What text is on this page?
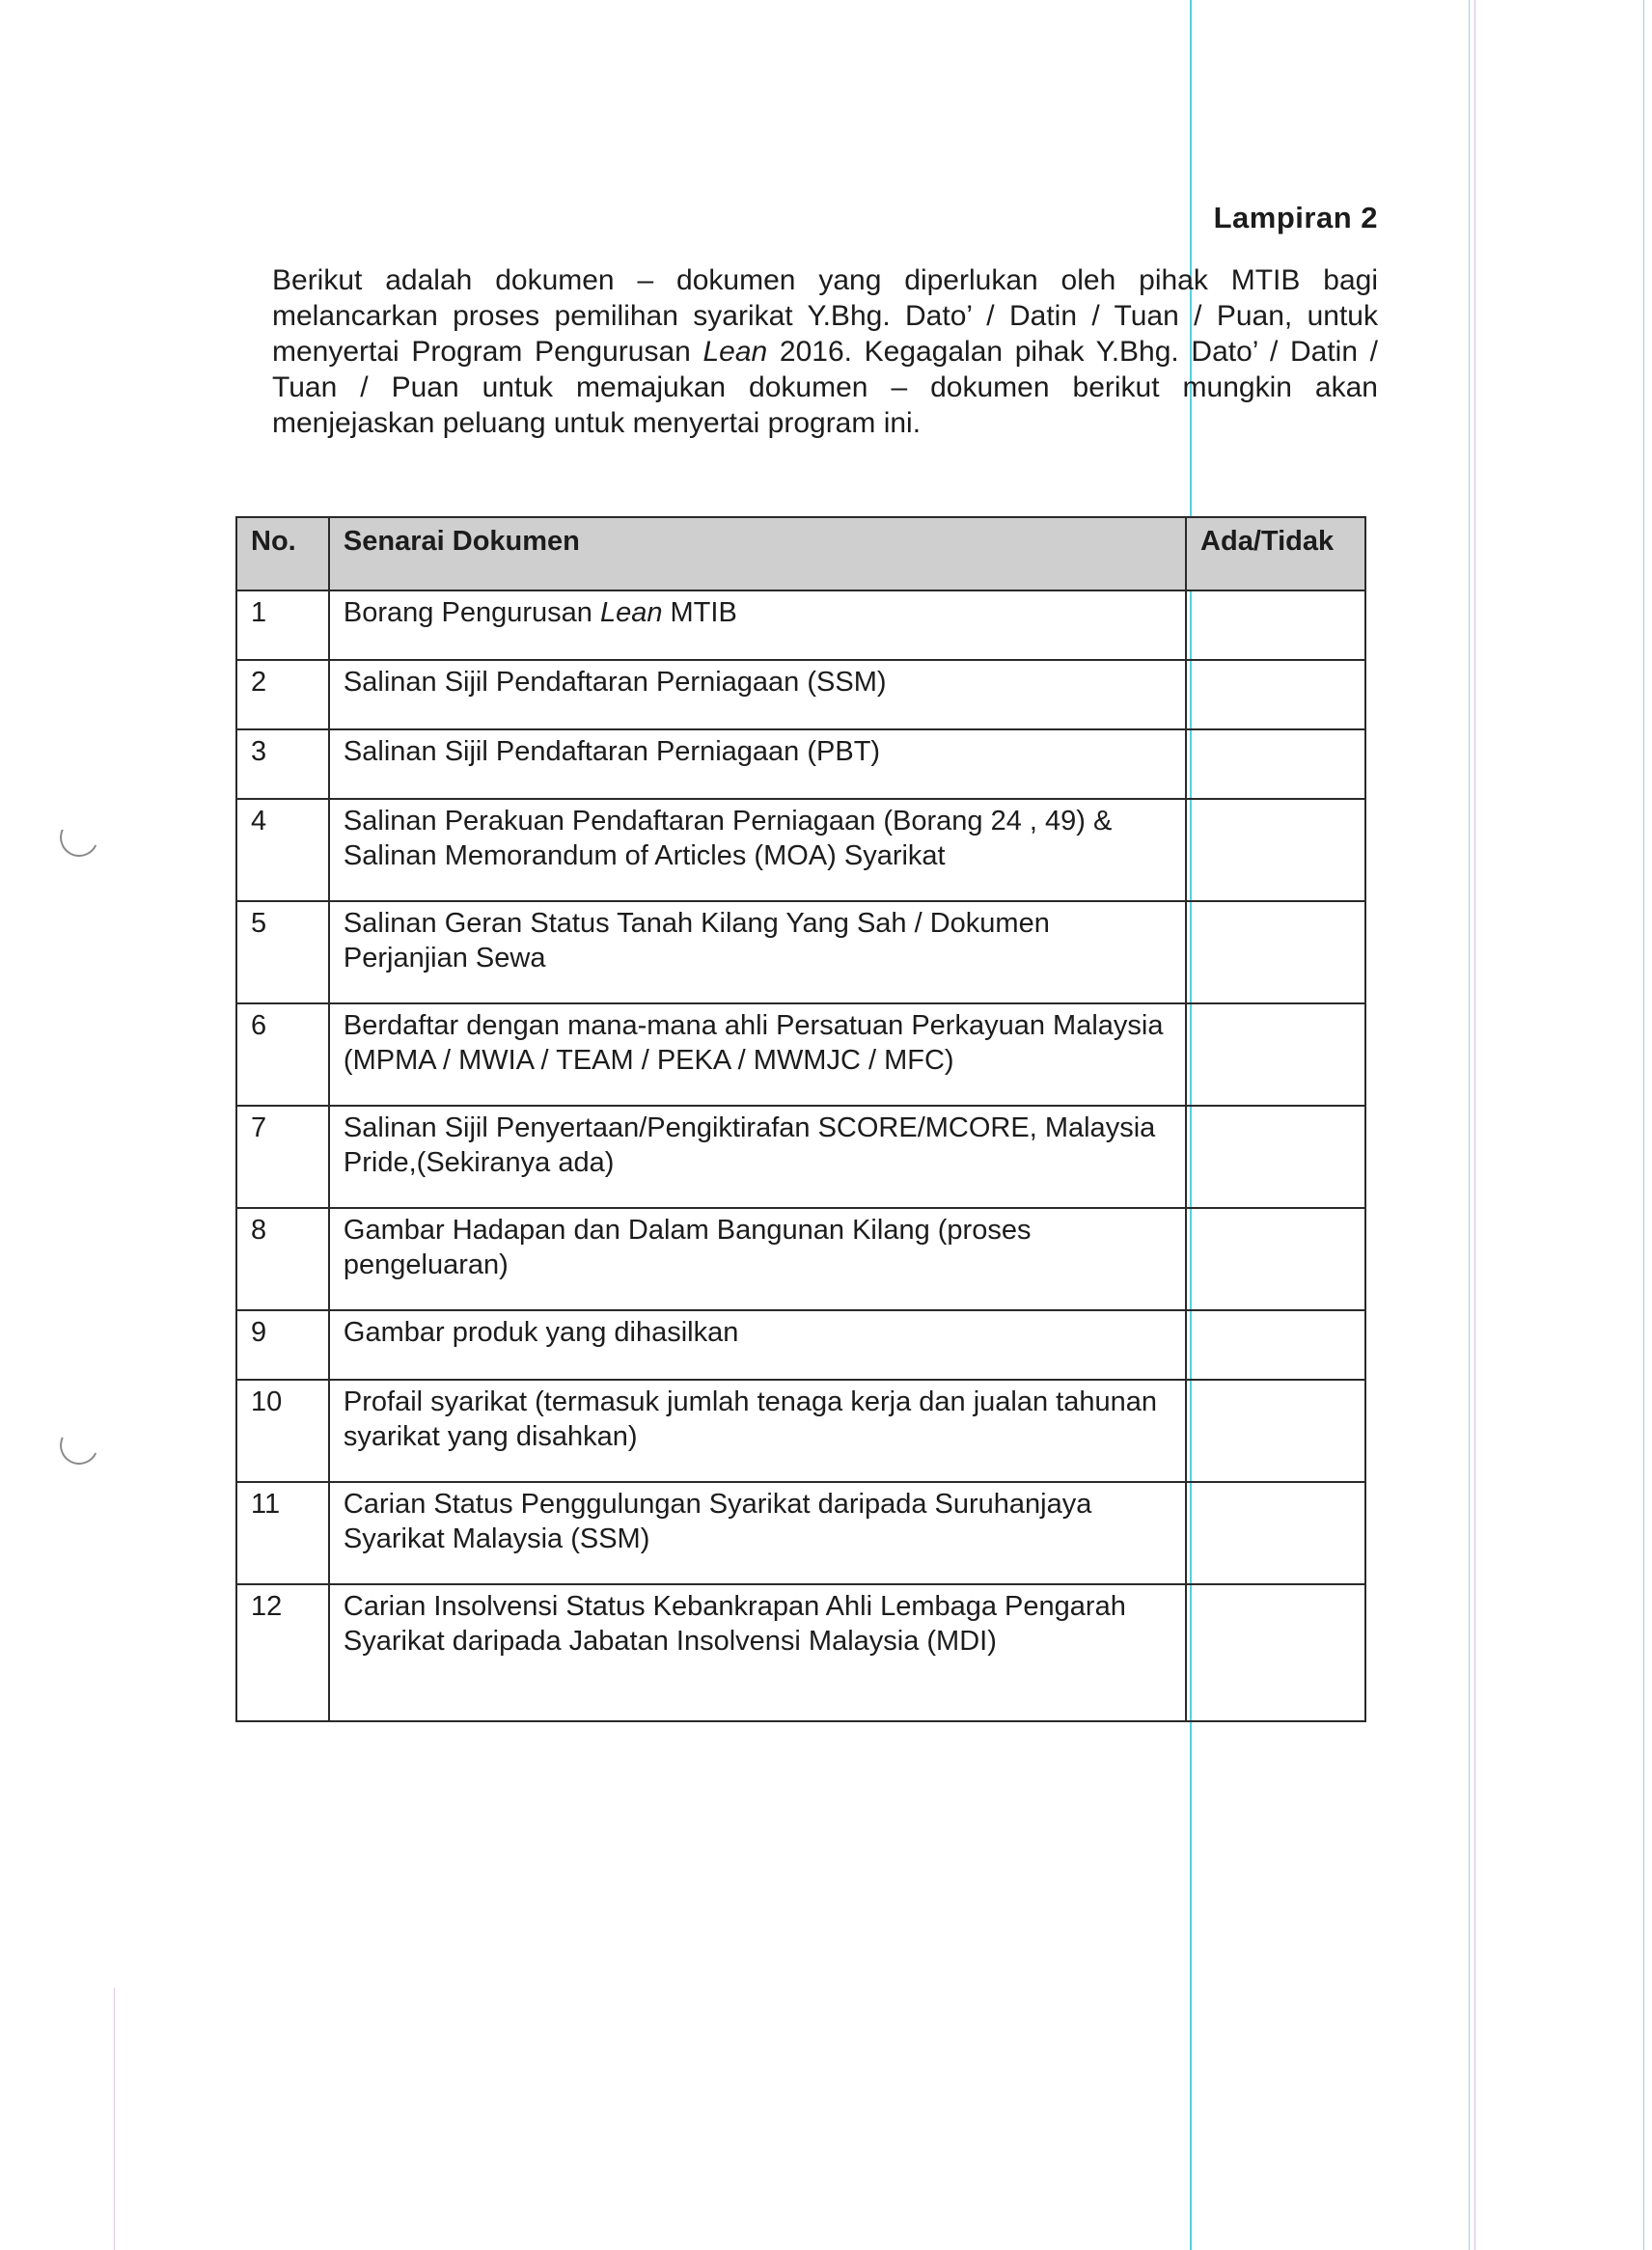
Lampiran 2

Berikut adalah dokumen – dokumen yang diperlukan oleh pihak MTIB bagi melancarkan proses pemilihan syarikat Y.Bhg. Dato’ / Datin / Tuan / Puan, untuk menyertai Program Pengurusan Lean 2016. Kegagalan pihak Y.Bhg. Dato’ / Datin / Tuan / Puan untuk memajukan dokumen – dokumen berikut mungkin akan menjejaskan peluang untuk menyertai program ini.

No.	Senarai Dokumen	Ada/Tidak
1	Borang Pengurusan Lean MTIB	
2	Salinan Sijil Pendaftaran Perniagaan (SSM)	
3	Salinan Sijil Pendaftaran Perniagaan (PBT)	
4	Salinan Perakuan Pendaftaran Perniagaan (Borang 24 , 49) & Salinan Memorandum of Articles (MOA) Syarikat	
5	Salinan Geran Status Tanah Kilang Yang Sah / Dokumen Perjanjian Sewa	
6	Berdaftar dengan mana-mana ahli Persatuan Perkayuan Malaysia (MPMA / MWIA / TEAM / PEKA / MWMJC / MFC)	
7	Salinan Sijil Penyertaan/Pengiktirafan SCORE/MCORE, Malaysia Pride,(Sekiranya ada)	
8	Gambar Hadapan dan Dalam Bangunan Kilang (proses pengeluaran)	
9	Gambar produk yang dihasilkan	
10	Profail syarikat (termasuk jumlah tenaga kerja dan jualan tahunan syarikat yang disahkan)	
11	Carian Status Penggulungan Syarikat daripada Suruhanjaya Syarikat Malaysia (SSM)	
12	Carian Insolvensi Status Kebankrapan Ahli Lembaga Pengarah Syarikat daripada Jabatan Insolvensi Malaysia (MDI)	
